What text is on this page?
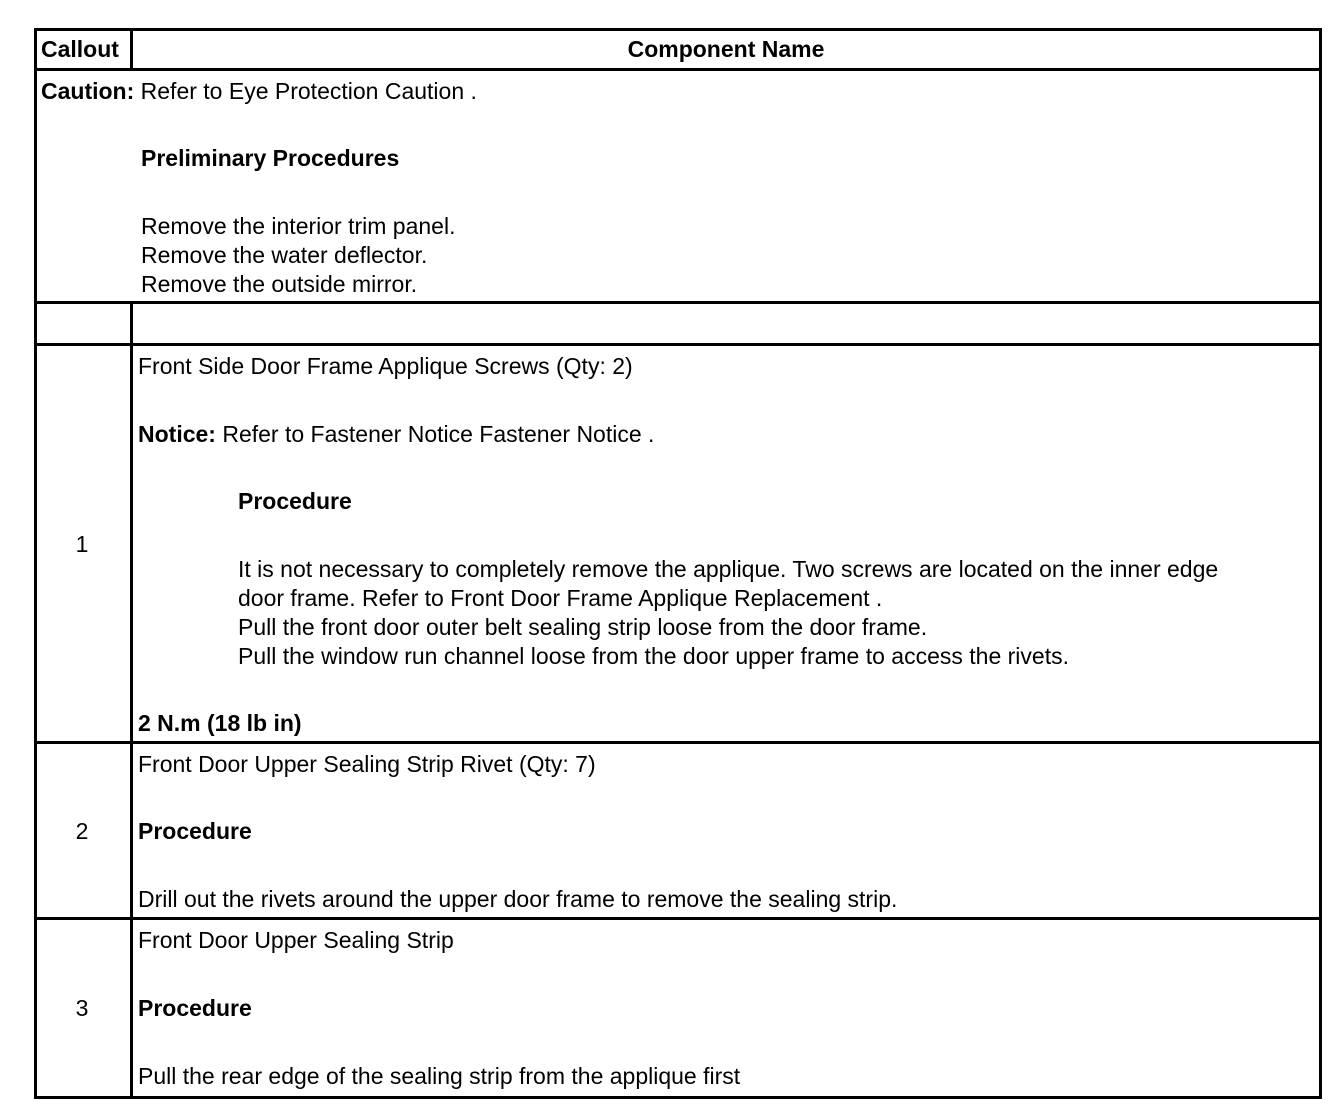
Callout	Component Name
Caution: Refer to Eye Protection Caution .
Preliminary Procedures
Remove the interior trim panel.
Remove the water deflector.
Remove the outside mirror.
1
Front Side Door Frame Applique Screws (Qty: 2)
Notice: Refer to Fastener Notice Fastener Notice .
Procedure
It is not necessary to completely remove the applique. Two screws are located on the inner edge
door frame. Refer to Front Door Frame Applique Replacement .
Pull the front door outer belt sealing strip loose from the door frame.
Pull the window run channel loose from the door upper frame to access the rivets.
2 N.m (18 lb in)
2
Front Door Upper Sealing Strip Rivet (Qty: 7)
Procedure
Drill out the rivets around the upper door frame to remove the sealing strip.
3
Front Door Upper Sealing Strip
Procedure
Pull the rear edge of the sealing strip from the applique first
